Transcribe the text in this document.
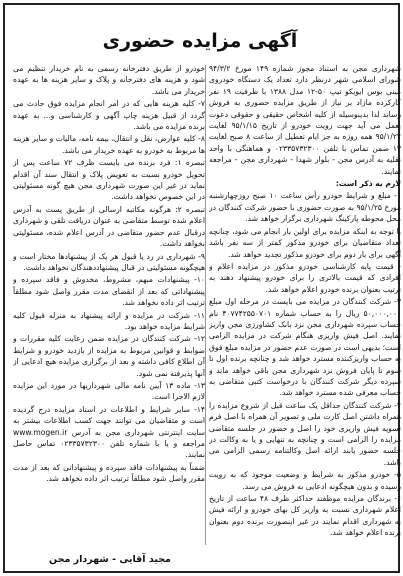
آگهی مزایده حضوری

شهرداری مجن به استناد مجوز شماره ۱۴۹ مورخ ۹۴/۳/۲ شورای اسلامی شهر درنظر دارد تعداد یک دستگاه خودروی مینی بوس ایویکو تیپ ۵۰-۱۲ مدل ۱۳۸۸ با ظرفیت ۱۹ نفر کارکرده مازاد بر نیاز از طریق مزایده حضوری به فروش رساند لذا بدینوسیله از کلیه اشخاص حقیقی و حقوقی دعوت بعمل می آید جهت رویت خودرو از تاریخ ۹۵/۱/۱۵ لغایت ۹۵/۱/۲۴ همه روزه به جز ایام تعطیل از ساعت ۸ صبح لغایت ۱۳ ضمن تماس با تلفن ۰۲۳۳۵۷۳۲۳۰۰ و هماهنگی با واحد نقلیه به آدرس مجن - بلوار شهدا - شهرداری مجن - مراجعه نمایند.

لازم به ذکر است:

۱- مبلغ و شرایط خودرو رأس ساعت ۱۰ صبح روزچهارشنبه مورخ ۹۵/۱/۲۵ به صورت حضوری با حضور شرکت کنندگان در محل محوطه پارکینگ شهرداری برگزار خواهد شد.

با توجه به اینکه مزایده برای اولین بار انجام می شود، چنانچه تعداد متقاضیان برای خودرو مذکور کمتر از سه نفر باشد آگهی برای بار دوم برای خودرو مذکور تجدید خواهد شد.

- قیمت پایه کارشناسی خودرو مذکور در مزایده اعلام و افرادی که قیمت بالاتری را برای خودرو پیشنهاد دهند به ترتیب بعنوان برنده خودرو اعلام خواهد شد.

۳- شرکت کنندگان در مزایده می بایست در مرحله اول مبلغ ۵۰,۰۰۰,۰۰۰ ریال را به حساب شماره ۴۰۷۷۴۲۵۵۰۷۰۱ نام حساب سپرده شهرداری مجن نزد بانک کشاورزی مجن واریز نمایند. اصل فیش واریزی هنگام شرکت در مزایده الزامی است؛ بدیهی است در صورت عدم حضور در مزایده مبلغ فوق به حساب واریزکننده مسترد خواهد شد و چنانچه برنده اول تا سوم تا پایان فروش نزد شهرداری مجن باقی خواهد ماند و سپرده دیگر شرکت کنندگان با درخواست کتبی متقاضی به حساب معرفی شده مسترد خواهد شد.

۴- شرکت کنندگان حداقل یک ساعت قبل از شروع مزایده را همراه داشتن اصل کارت ملی و تصویر آن همراه با اصل فرم تسویه فیش واریزی خود را اصل و حضور در جلسه متقاضی مزایده را الزامی است و چنانچه به تنهایی و یا به وکالت در جلسه حضور یابند ارائه اصل وکالتنامه رسمی الزامی می باشد.

۵- خودرو مذکور به شرایط و وضعیت موجود که به رویت رسیده و بدون هیچگونه ادعایی به فروش می رسد.

۶- برندگان مزایده موظفند حداکثر ظرف ۴۸ ساعت از تاریخ اعلام شهرداری نسبت به واریز کل بهای خودرو و ارائه فیش به شهرداری اقدام نمایند در غیر اینصورت برنده دوم بعنوان برنده اعلام خواهد شد.

خودرو از طریق دفترخانه رسمی به نام خریدار تنظیم می شود و هزینه های دفترخانه و پلاک و سایر هزینه ها به عهده خریدار می باشد.

۷- کلیه هزینه هایی که در امر انجام مزایده فوق حادث می گردد از قبیل هزینه چاپ آگهی و کارشناسی و... به عهده برنده مزایده می باشد.

۸- کلیه عوارض، نقل و انتقال، بیمه نامه، مالیات و سایر هزینه ها مربوط به خودرو به عهده خریدار می باشد.

تبصره ۱: فرد برنده می بایست ظرف ۷۲ ساعت پس از تحویل خودرو نسبت به تعویض پلاک و انتقال سند آن اقدام نماید در غیر این صورت شهرداری مجن هیچ گونه مسئولیتی در این خصوص نخواهد داشت.

تبصره ۲: هرگونه مکاتبه ارسالی از طریق پست به آدرس اعلام شده توسط متقاضی به عنوان دریافت تلقی و شهرداری درقبال عدم حضور متقاضی در آدرس اعلام شده، مسئولیتی نخواهد داشت.

۹- شهرداری در رد یا قبول هر یک از پیشنهادها مختار است و هیچگونه مسئولیتی در قبال پیشنهاددهندگان نخواهد داشت.

۱۰- پیشنهادات مبهم، مشروط، مخدوش و فاقد سپرده و پیشنهاداتی که بعد از انقضای مدت مقرر واصل شود مطلقاً ترتیب اثر داده نخواهد شد.

۱۱- شرکت در مزایده و ارائه پیشنهاد به منزله قبول کلیه شرایط مزایده خواهد بود.

۱۲- شرکت کنندگان در مزایده ضمن رعایت کلیه مقررات و ضوابط و قوانین مربوط به مزایده از بازدید خودرو و شرایط آن اطلاع کافی داشته و بعد از برگزاری مزایده هیچ ادعایی از آنها پذیرفته نمی شود.

۱۳- ماده ۱۳ آیین نامه مالی شهرداریها در مورد این مزایده لازم الاجرا است.

۱۴- سایر شرایط و اطلاعات در اسناد مزایده درج گردیده است و متقاضیان می توانند جهت کسب اطلاعات بیشتر به سایت اینترنتی شهرداری مجن به آدرس www.mogen.ir مراجعه و یا با شماره تلفن ۰۲۳۳۵۷۳۲۳۰۰ تماس حاصل نمایند.

ضمناً به پیشنهادات فاقد سپرده و پیشنهاداتی که بعد از مدت مقرر واصل شود مطلقاً ترتیب اثر داده نخواهد شد.

مجید آقایی - شهردار مجن
